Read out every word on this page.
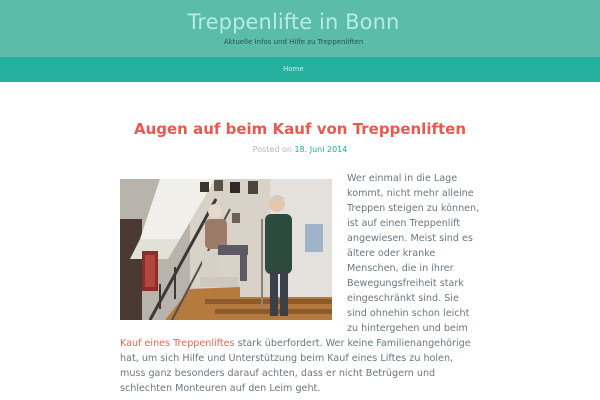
Treppenlifte in Bonn
Aktuelle Infos und Hilfe zu Treppenliften
Home
Augen auf beim Kauf von Treppenliften
Posted on 18. Juni 2014
Wer einmal in die Lage kommt, nicht mehr alleine Treppen steigen zu können, ist auf einen Treppenlift angewiesen. Meist sind es ältere oder kranke Menschen, die in ihrer Bewegungsfreiheit stark eingeschränkt sind. Sie sind ohnehin schon leicht zu hintergehen und beim Kauf eines Treppenliftes stark überfordert. Wer keine Familienangehörige hat, um sich Hilfe und Unterstützung beim Kauf eines Liftes zu holen, muss ganz besonders darauf achten, dass er nicht Betrügern und schlechten Monteuren auf den Leim geht.
